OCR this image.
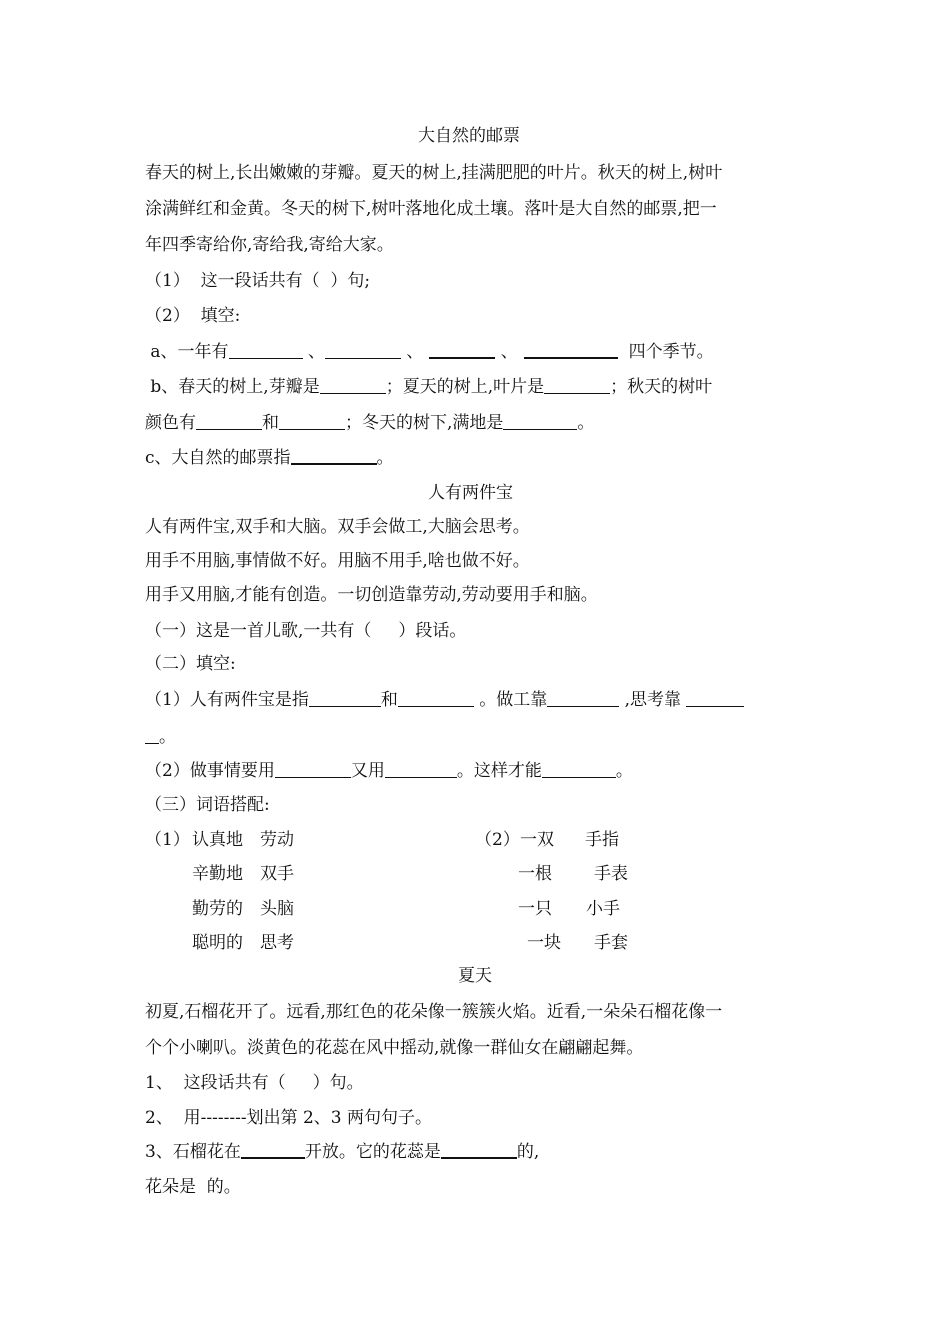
大自然的邮票
春天的树上,长出嫩嫩的芽瓣。夏天的树上,挂满肥肥的叶片。秋天的树上,树叶
涂满鲜红和金黄。冬天的树下,树叶落地化成土壤。落叶是大自然的邮票,把一
年四季寄给你,寄给我,寄给大家。
（1）  这一段话共有（  ）句;
（2）  填空:
a、一年有	、	、	、	四个季节。
b、春天的树上,芽瓣是	；夏天的树上,叶片是	；秋天的树叶
颜色有	和	；冬天的树下,满地是	。
c、大自然的邮票指	。
人有两件宝
人有两件宝,双手和大脑。双手会做工,大脑会思考。
用手不用脑,事情做不好。用脑不用手,啥也做不好。
用手又用脑,才能有创造。一切创造靠劳动,劳动要用手和脑。
（一）这是一首儿歌,一共有（     ）段话。
（二）填空:
（1）人有两件宝是指	和	。做工靠	,思考靠
。
（2）做事情要用	又用	。这样才能	。
（三）词语搭配:
（1） 认真地 劳动
辛勤地 双手
勤劳的 头脑
聪明的 思考
（2） 一双 手指
一根 手表
一只 小手
一块 手套
夏天
初夏,石榴花开了。远看,那红色的花朵像一簇簇火焰。近看,一朵朵石榴花像一
个个小喇叭。淡黄色的花蕊在风中摇动,就像一群仙女在翩翩起舞。
1、  这段话共有（     ）句。
2、  用--------划出第 2、3 两句句子。
3、石榴花在	开放。它的花蕊是	的,
花朵是  的。
